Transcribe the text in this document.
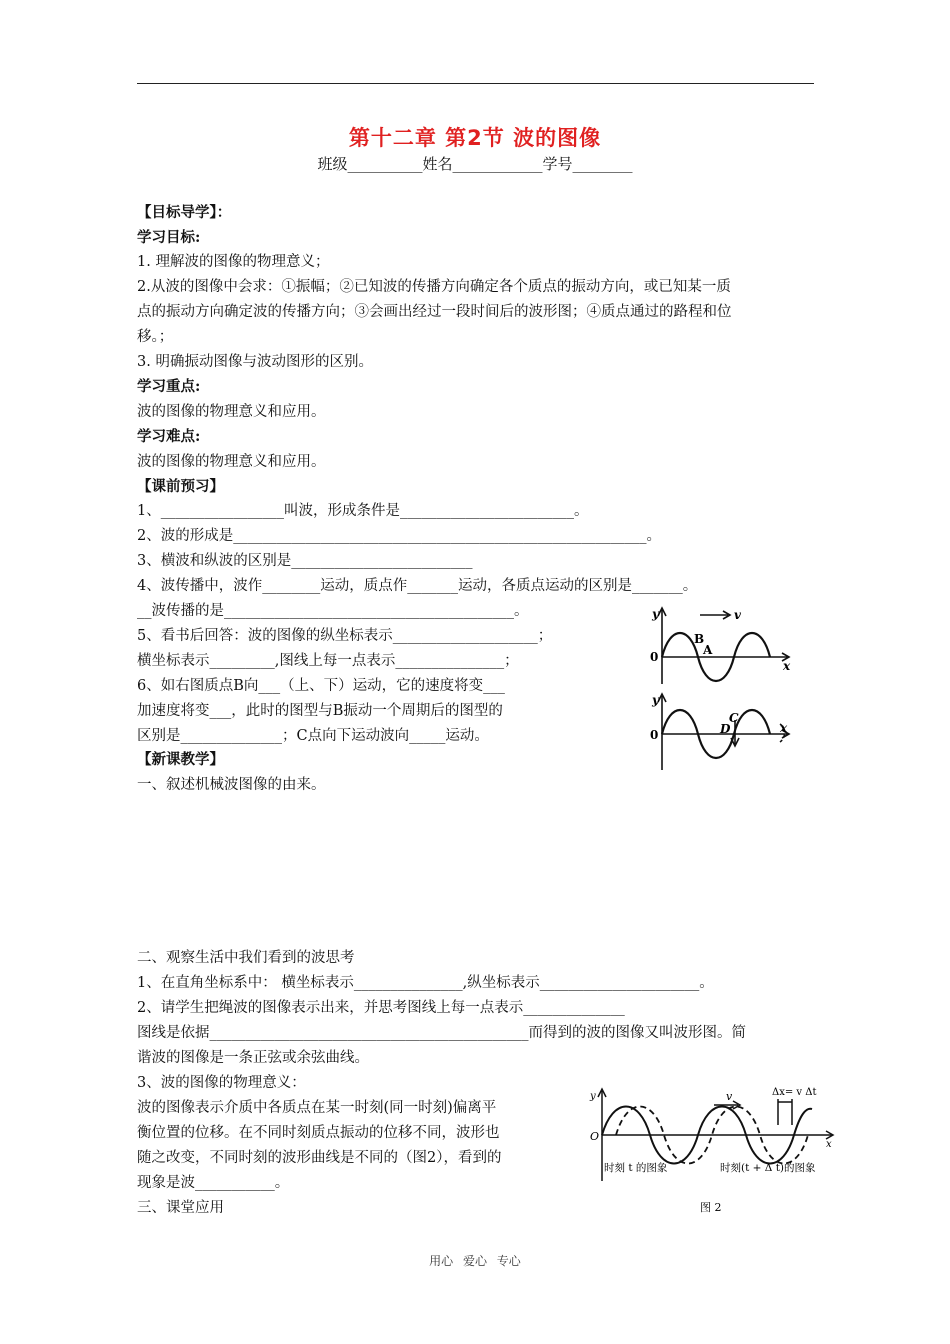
第十二章 第2节 波的图像
班级__________姓名____________学号________
【目标导学】：
学习目标:
1. 理解波的图像的物理意义；
2.从波的图像中会求：①振幅；②已知波的传播方向确定各个质点的振动方向，或已知某一质
点的振动方向确定波的传播方向；③会画出经过一段时间后的波形图；④质点通过的路程和位
移。；
3. 明确振动图像与波动图形的区别。
学习重点:
波的图像的物理意义和应用。
学习难点:
波的图像的物理意义和应用。
【课前预习】
1、_________________叫波，形成条件是________________________。
2、波的形成是_________________________________________________________。
3、横波和纵波的区别是_________________________
4、波传播中，波作________运动，质点作_______运动，各质点运动的区别是_______。
__波传播的是________________________________________。
5、看书后回答：波的图像的纵坐标表示____________________；
横坐标表示_________,图线上每一点表示_______________；
6、如右图质点B向___（上、下）运动，它的速度将变___
加速度将变___，此时的图型与B振动一个周期后的图型的
区别是______________；C点向下运动波向_____运动。
【新课教学】
一、叙述机械波图像的由来。
二、观察生活中我们看到的波思考
1、在直角坐标系中： 横坐标表示_______________,纵坐标表示______________________。
2、请学生把绳波的图像表示出来，并思考图线上每一点表示______________
图线是依据____________________________________________而得到的波的图像又叫波形图。简
谐波的图像是一条正弦或余弦曲线。
3、波的图像的物理意义：
波的图像表示介质中各质点在某一时刻(同一时刻)偏离平
衡位置的位移。在不同时刻质点振动的位移不同，波形也
随之改变，不同时刻的波形曲线是不同的（图2），看到的
现象是波___________。
三、课堂应用
y
0
x
v
B
A
y
0	x
C
D
y
O
x
v	Δx= v Δt
时刻 t 的图象	时刻(t + Δ t)的图象
图 2
用心 爱心 专心
